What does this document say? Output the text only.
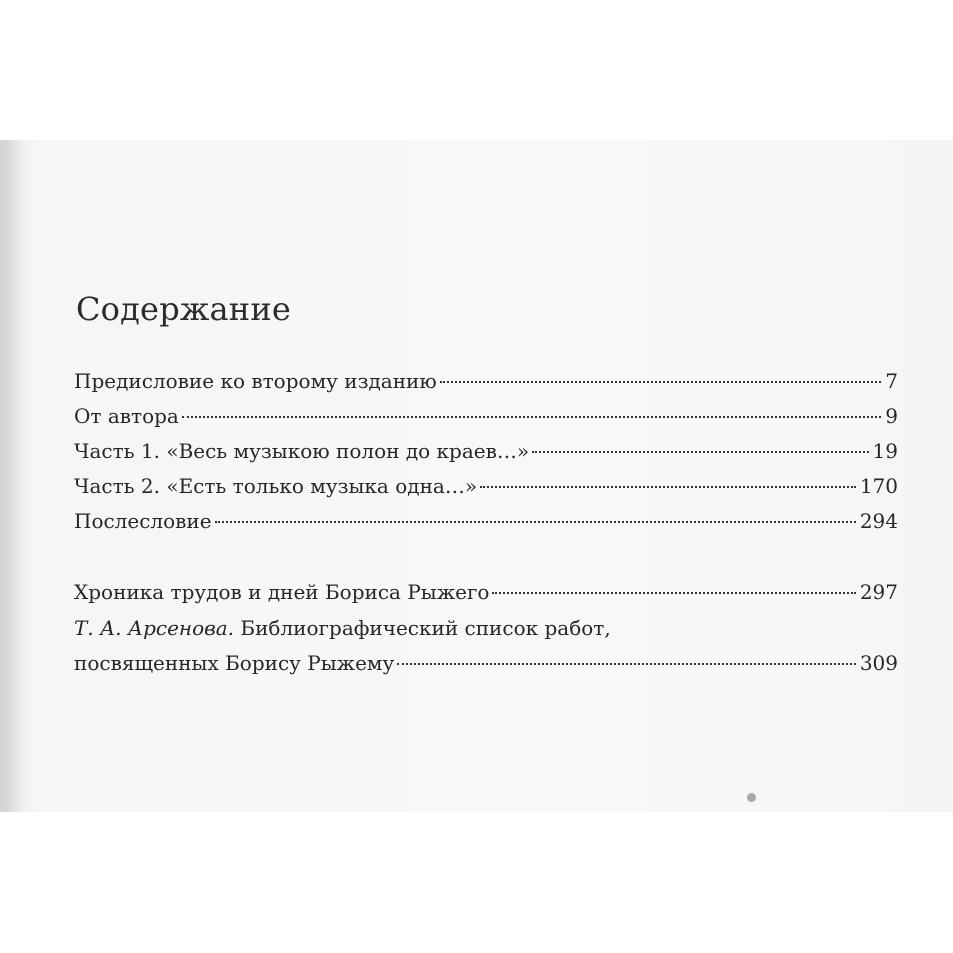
Содержание
Предисловие ко второму изданию	7
От автора	9
Часть 1. «Весь музыкою полон до краев…»	19
Часть 2. «Есть только музыка одна…»	170
Послесловие	294
Хроника трудов и дней Бориса Рыжего	297
Т. А. Арсенова. Библиографический список работ,
посвященных Борису Рыжему	309
